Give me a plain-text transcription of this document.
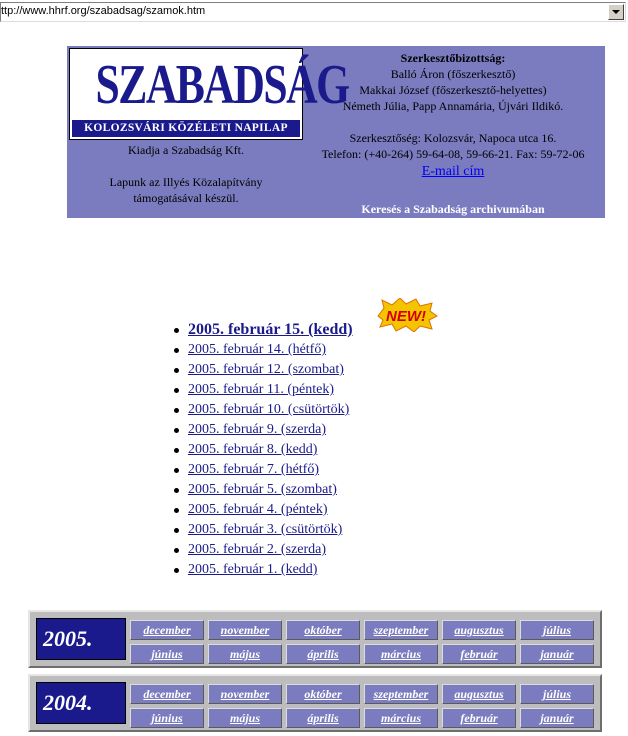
ttp://www.hhrf.org/szabadsag/szamok.htm
SZABADSÁG
KOLOZSVÁRI KÖZÉLETI NAPILAP
Kiadja a Szabadság Kft.
Lapunk az Illyés Közalapítvány
támogatásával készül.
Szerkesztőbizottság:
Balló Áron (főszerkesztő)
Makkai József (főszerkesztő-helyettes)
Németh Júlia, Papp Annamária, Újvári Ildikó.
Szerkesztőség: Kolozsvár, Napoca utca 16.
Telefon: (+40-264) 59-64-08, 59-66-21. Fax: 59-72-06
E-mail cím
Keresés a Szabadság archivumában
2005. február 15. (kedd)
NEW!
2005. február 14. (hétfő)
2005. február 12. (szombat)
2005. február 11. (péntek)
2005. február 10. (csütörtök)
2005. február 9. (szerda)
2005. február 8. (kedd)
2005. február 7. (hétfő)
2005. február 5. (szombat)
2005. február 4. (péntek)
2005. február 3. (csütörtök)
2005. február 2. (szerda)
2005. február 1. (kedd)
2005.	december	november	október	szeptember	augusztus	július
június	május	április	március	február	január
2004.	december	november	október	szeptember	augusztus	július
június	május	április	március	február	január
